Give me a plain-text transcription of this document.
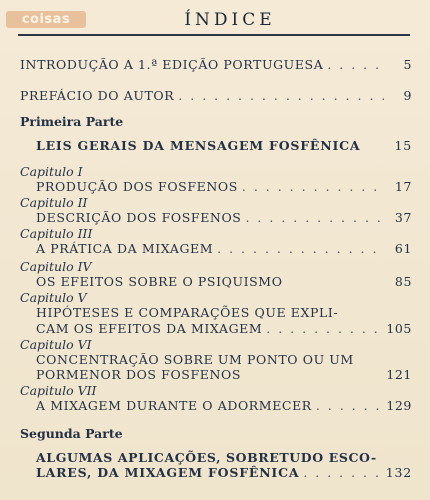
coisas	ÍNDICE
INTRODUÇÃO A 1.ª EDIÇÃO PORTUGUESA . . .	5
PREFÁCIO DO AUTOR . . .	9
Primeira Parte
LEIS GERAIS DA MENSAGEM FOSFÊNICA	15
Capitulo I
PRODUÇÃO DOS FOSFENOS . . .	17
Capitulo II
DESCRIÇÃO DOS FOSFENOS . . .	37
Capitulo III
A PRÁTICA DA MIXAGEM . . .	61
Capitulo IV
OS EFEITOS SOBRE O PSIQUISMO	85
Capitulo V
HIPÓTESES E COMPARAÇÕES QUE EXPLI-
CAM OS EFEITOS DA MIXAGEM . . .	105
Capitulo VI
CONCENTRAÇÃO SOBRE UM PONTO OU UM
PORMENOR DOS FOSFENOS	121
Capitulo VII
A MIXAGEM DURANTE O ADORMECER . . .	129
Segunda Parte
ALGUMAS APLICAÇÕES, SOBRETUDO ESCO-
LARES, DA MIXAGEM FOSFÊNICA . . .	132
